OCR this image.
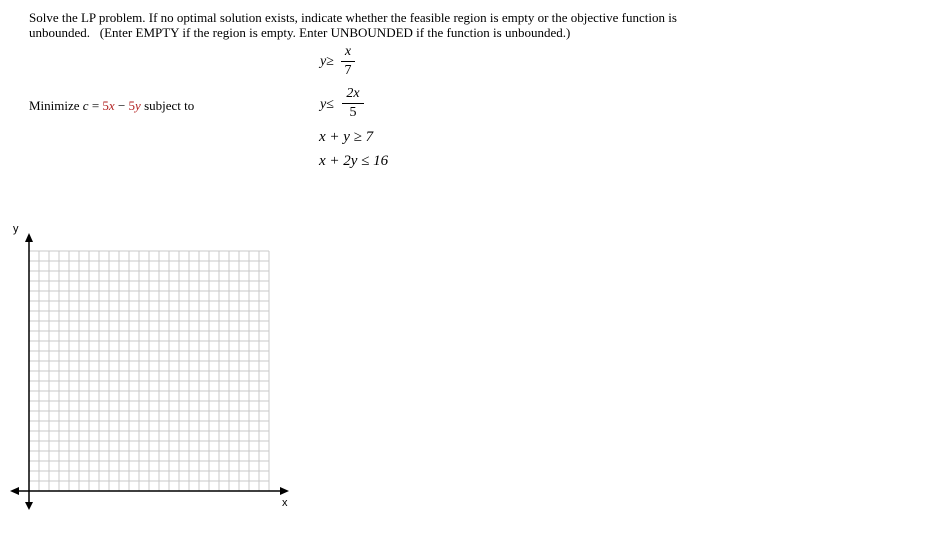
Solve the LP problem. If no optimal solution exists, indicate whether the feasible region is empty or the objective function is
unbounded.   (Enter EMPTY if the region is empty. Enter UNBOUNDED if the function is unbounded.)
Minimize c = 5x − 5y subject to
y≥
x
7
y≤
2x
5
x + y ≥ 7
x + 2y ≤ 16
y
x
